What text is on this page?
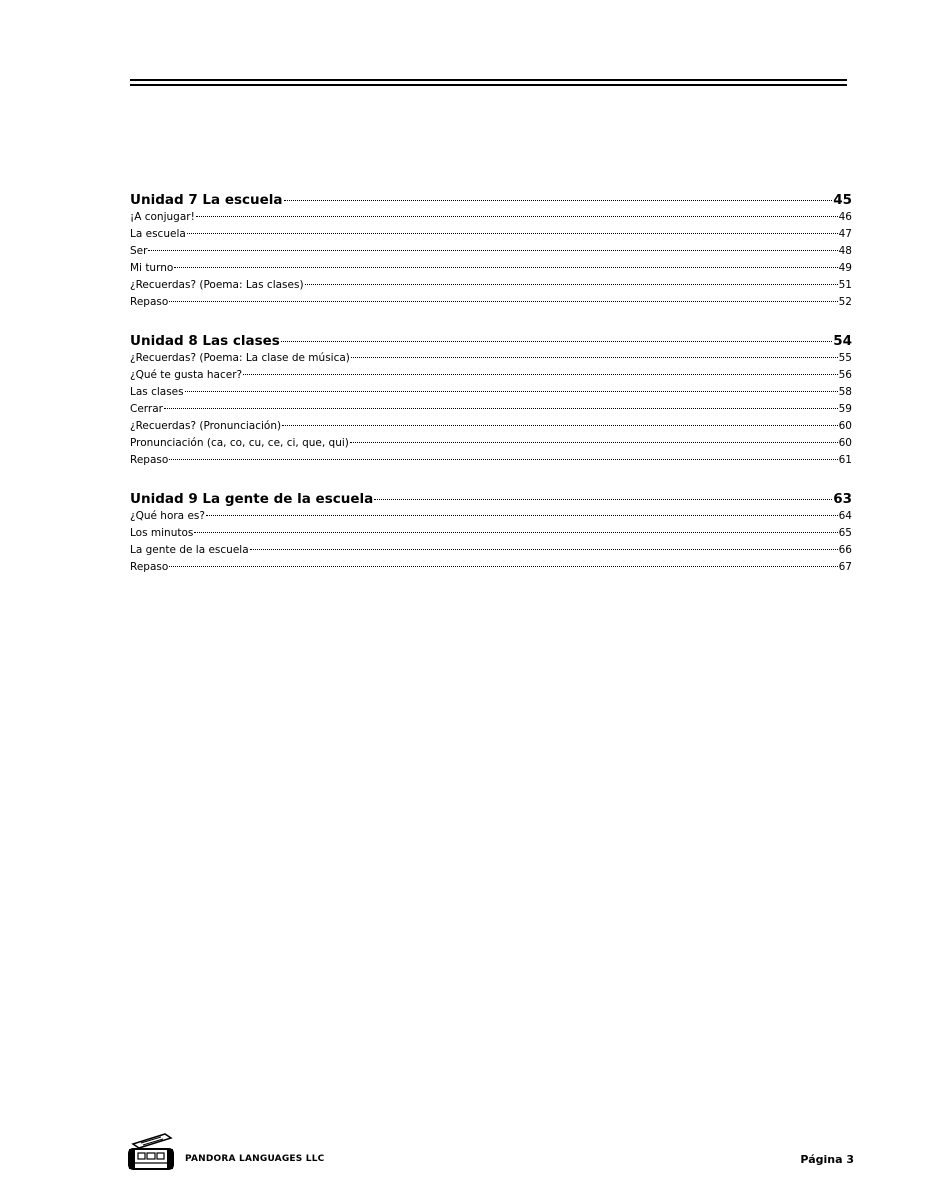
Unidad 7 La escuela	45
¡A conjugar!	46
La escuela	47
Ser	48
Mi turno	49
¿Recuerdas? (Poema: Las clases)	51
Repaso	52
Unidad 8 Las clases	54
¿Recuerdas? (Poema: La clase de música)	55
¿Qué te gusta hacer?	56
Las clases	58
Cerrar	59
¿Recuerdas? (Pronunciación)	60
Pronunciación (ca, co, cu, ce, ci, que, qui)	60
Repaso	61
Unidad 9 La gente de la escuela	63
¿Qué hora es?	64
Los minutos	65
La gente de la escuela	66
Repaso	67
PANDORA LANGUAGES LLC	Página 3
